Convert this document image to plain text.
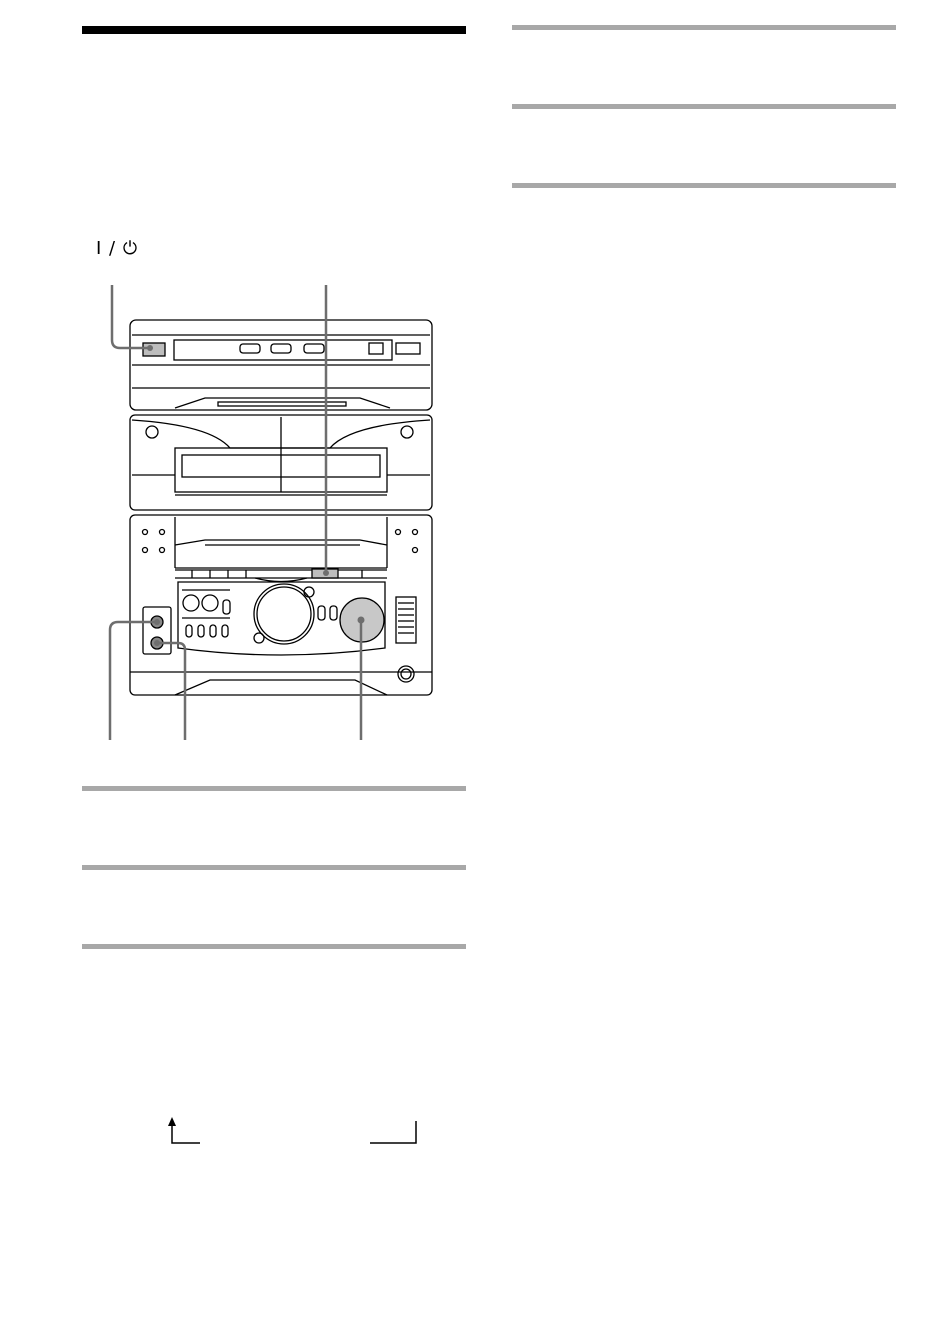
I / ⏻
